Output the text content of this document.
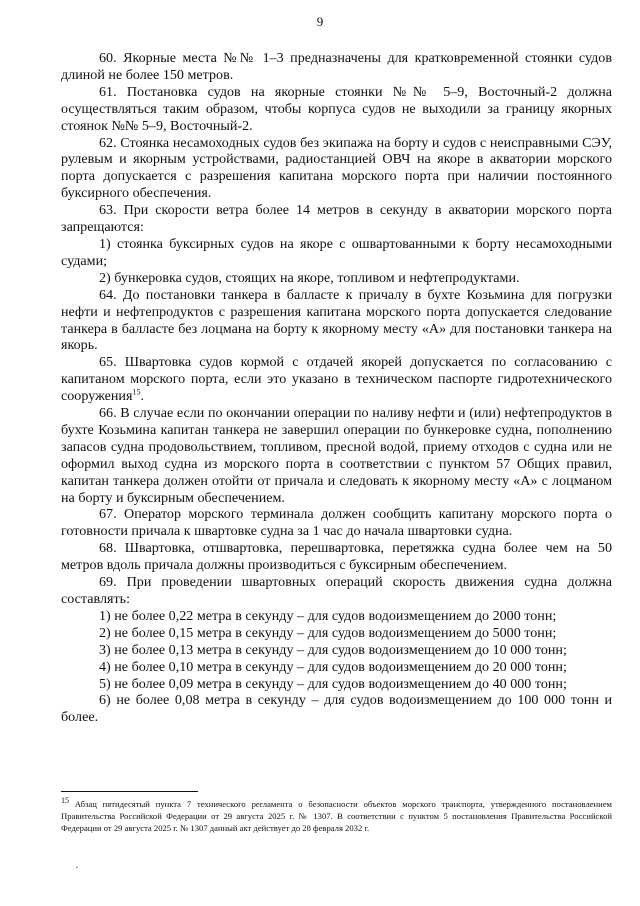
9

60. Якорные места №№ 1–3 предназначены для кратковременной стоянки судов длиной не более 150 метров.

61. Постановка судов на якорные стоянки №№ 5–9, Восточный-2 должна осуществляться таким образом, чтобы корпуса судов не выходили за границу якорных стоянок №№ 5–9, Восточный-2.

62. Стоянка несамоходных судов без экипажа на борту и судов с неисправными СЭУ, рулевым и якорным устройствами, радиостанцией ОВЧ на якоре в акватории морского порта допускается с разрешения капитана морского порта при наличии постоянного буксирного обеспечения.

63. При скорости ветра более 14 метров в секунду в акватории морского порта запрещаются:

1) стоянка буксирных судов на якоре с ошвартованными к борту несамоходными судами;

2) бункеровка судов, стоящих на якоре, топливом и нефтепродуктами.

64. До постановки танкера в балласте к причалу в бухте Козьмина для погрузки нефти и нефтепродуктов с разрешения капитана морского порта допускается следование танкера в балласте без лоцмана на борту к якорному месту «А» для постановки танкера на якорь.

65. Швартовка судов кормой с отдачей якорей допускается по согласованию с капитаном морского порта, если это указано в техническом паспорте гидротехнического сооружения$^{15}$.

66. В случае если по окончании операции по наливу нефти и (или) нефтепродуктов в бухте Козьмина капитан танкера не завершил операции по бункеровке судна, пополнению запасов судна продовольствием, топливом, пресной водой, приему отходов с судна или не оформил выход судна из морского порта в соответствии с пунктом 57 Общих правил, капитан танкера должен отойти от причала и следовать к якорному месту «А» с лоцманом на борту и буксирным обеспечением.

67. Оператор морского терминала должен сообщить капитану морского порта о готовности причала к швартовке судна за 1 час до начала швартовки судна.

68. Швартовка, отшвартовка, перешвартовка, перетяжка судна более чем на 50 метров вдоль причала должны производиться с буксирным обеспечением.

69. При проведении швартовных операций скорость движения судна должна составлять:

1) не более 0,22 метра в секунду – для судов водоизмещением до 2000 тонн;

2) не более 0,15 метра в секунду – для судов водоизмещением до 5000 тонн;

3) не более 0,13 метра в секунду – для судов водоизмещением до 10 000 тонн;

4) не более 0,10 метра в секунду – для судов водоизмещением до 20 000 тонн;

5) не более 0,09 метра в секунду – для судов водоизмещением до 40 000 тонн;

6) не более 0,08 метра в секунду – для судов водоизмещением до 100 000 тонн и более.

$^{15}$ Абзац пятидесятый пункта 7 технического регламента о безопасности объектов морского транспорта, утвержденного постановлением Правительства Российской Федерации от 29 августа 2025 г. № 1307. В соответствии с пунктом 5 постановления Правительства Российской Федерации от 29 августа 2025 г. № 1307 данный акт действует до 28 февраля 2032 г.

·
